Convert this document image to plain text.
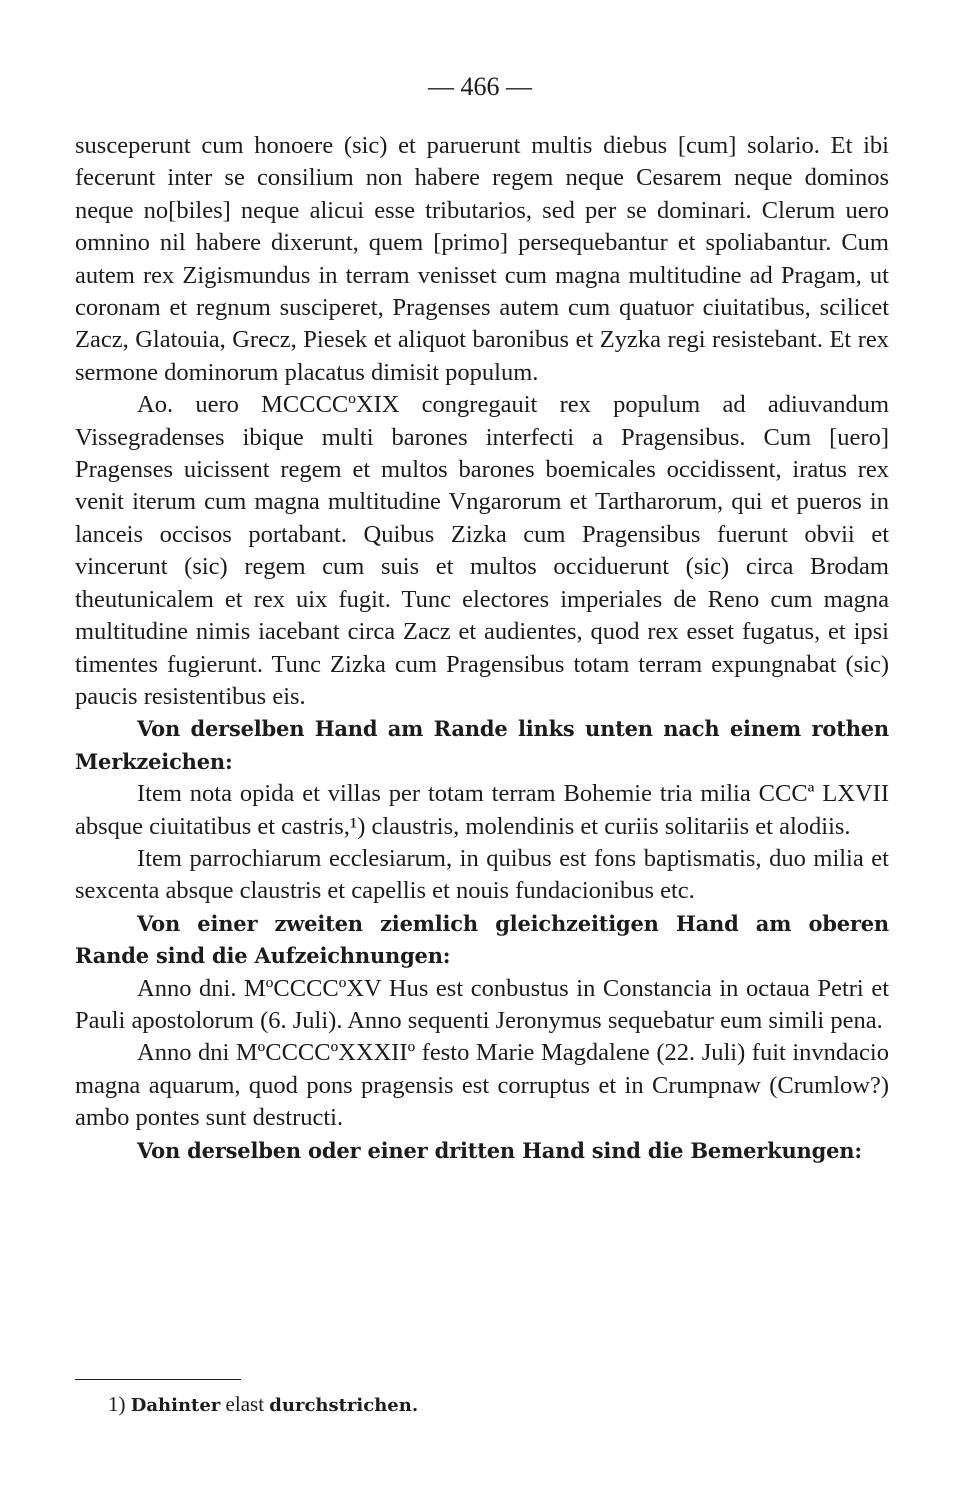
— 466 —

susceperunt cum honoere (sic) et paruerunt multis diebus [cum] solario. Et ibi fecerunt inter se consilium non habere regem neque Cesarem neque dominos neque no[biles] neque alicui esse tributarios, sed per se dominari. Clerum uero omnino nil habere dixerunt, quem [primo] persequebantur et spoliabantur. Cum autem rex Zigismundus in terram venisset cum magna multitudine ad Pragam, ut coronam et regnum susciperet, Pragenses autem cum quatuor ciuitatibus, scilicet Zacz, Glatouia, Grecz, Piesek et aliquot baronibus et Zyzka regi resistebant. Et rex sermone dominorum placatus dimisit populum.

Ao. uero MCCCCºXIX congregauit rex populum ad adiuvandum Vissegradenses ibique multi barones interfecti a Pragensibus. Cum [uero] Pragenses uicissent regem et multos barones boemicales occidissent, iratus rex venit iterum cum magna multitudine Vngarorum et Tartharorum, qui et pueros in lanceis occisos portabant. Quibus Zizka cum Pragensibus fuerunt obvii et vincerunt (sic) regem cum suis et multos occiduerunt (sic) circa Brodam theutunicalem et rex uix fugit. Tunc electores imperiales de Reno cum magna multitudine nimis iacebant circa Zacz et audientes, quod rex esset fugatus, et ipsi timentes fugierunt. Tunc Zizka cum Pragensibus totam terram expungnabat (sic) paucis resistentibus eis.

Von derselben Hand am Rande links unten nach einem rothen Merkzeichen:

Item nota opida et villas per totam terram Bohemie tria milia CCCª LXVII absque ciuitatibus et castris,¹) claustris, molendinis et curiis solitariis et alodiis.

Item parrochiarum ecclesiarum, in quibus est fons baptismatis, duo milia et sexcenta absque claustris et capellis et nouis fundacionibus etc.

Von einer zweiten ziemlich gleichzeitigen Hand am oberen Rande sind die Aufzeichnungen:

Anno dni. MºCCCCºXV Hus est conbustus in Constancia in octaua Petri et Pauli apostolorum (6. Juli). Anno sequenti Jeronymus sequebatur eum simili pena.

Anno dni MºCCCCºXXXIIº festo Marie Magdalene (22. Juli) fuit invndacio magna aquarum, quod pons pragensis est corruptus et in Crumpnaw (Crumlow?) ambo pontes sunt destructi.

Von derselben oder einer dritten Hand sind die Bemerkungen:

1) Dahinter elast durchstrichen.
